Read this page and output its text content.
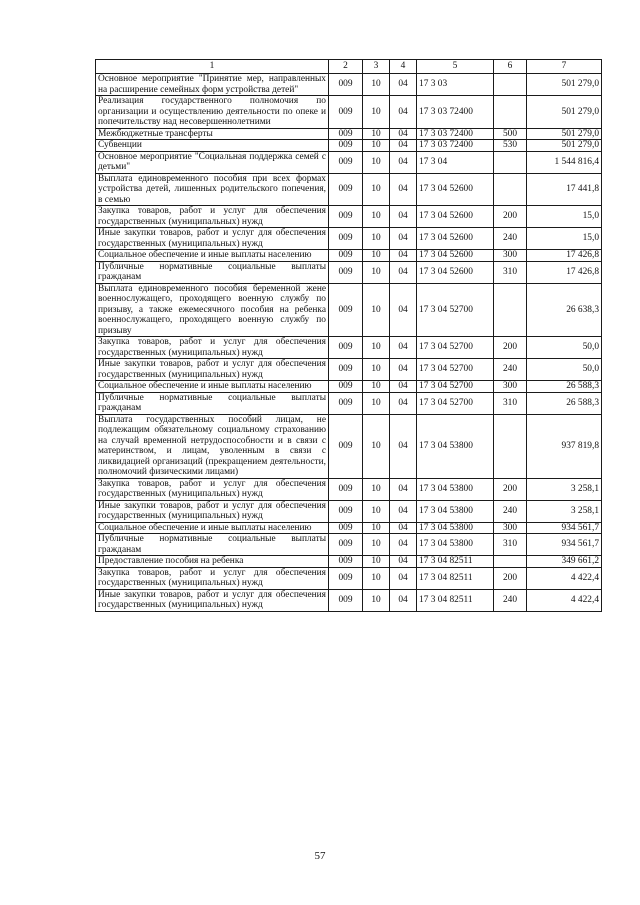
1	2	3	4	5	6	7
Основное мероприятие "Принятие мер, направленных на расширение семейных форм устройства детей"	009	10	04	17 3 03		501 279,0
Реализация государственного полномочия по организации и осуществлению деятельности по опеке и попечительству над несовершеннолетними	009	10	04	17 3 03 72400		501 279,0
Межбюджетные трансферты	009	10	04	17 3 03 72400	500	501 279,0
Субвенции	009	10	04	17 3 03 72400	530	501 279,0
Основное мероприятие "Социальная поддержка семей с детьми"	009	10	04	17 3 04		1 544 816,4
Выплата единовременного пособия при всех формах устройства детей, лишенных родительского попечения, в семью	009	10	04	17 3 04 52600		17 441,8
Закупка товаров, работ и услуг для обеспечения государственных (муниципальных) нужд	009	10	04	17 3 04 52600	200	15,0
Иные закупки товаров, работ и услуг для обеспечения государственных (муниципальных) нужд	009	10	04	17 3 04 52600	240	15,0
Социальное обеспечение и иные выплаты населению	009	10	04	17 3 04 52600	300	17 426,8
Публичные нормативные социальные выплаты гражданам	009	10	04	17 3 04 52600	310	17 426,8
Выплата единовременного пособия беременной жене военнослужащего, проходящего военную службу по призыву, а также ежемесячного пособия на ребенка военнослужащего, проходящего военную службу по призыву	009	10	04	17 3 04 52700		26 638,3
Закупка товаров, работ и услуг для обеспечения государственных (муниципальных) нужд	009	10	04	17 3 04 52700	200	50,0
Иные закупки товаров, работ и услуг для обеспечения государственных (муниципальных) нужд	009	10	04	17 3 04 52700	240	50,0
Социальное обеспечение и иные выплаты населению	009	10	04	17 3 04 52700	300	26 588,3
Публичные нормативные социальные выплаты гражданам	009	10	04	17 3 04 52700	310	26 588,3
Выплата государственных пособий лицам, не подлежащим обязательному социальному страхованию на случай временной нетрудоспособности и в связи с материнством, и лицам, уволенным в связи с ликвидацией организаций (прекращением деятельности, полномочий физическими лицами)	009	10	04	17 3 04 53800		937 819,8
Закупка товаров, работ и услуг для обеспечения государственных (муниципальных) нужд	009	10	04	17 3 04 53800	200	3 258,1
Иные закупки товаров, работ и услуг для обеспечения государственных (муниципальных) нужд	009	10	04	17 3 04 53800	240	3 258,1
Социальное обеспечение и иные выплаты населению	009	10	04	17 3 04 53800	300	934 561,7
Публичные нормативные социальные выплаты гражданам	009	10	04	17 3 04 53800	310	934 561,7
Предоставление пособия на ребенка	009	10	04	17 3 04 82511		349 661,2
Закупка товаров, работ и услуг для обеспечения государственных (муниципальных) нужд	009	10	04	17 3 04 82511	200	4 422,4
Иные закупки товаров, работ и услуг для обеспечения государственных (муниципальных) нужд	009	10	04	17 3 04 82511	240	4 422,4
57
